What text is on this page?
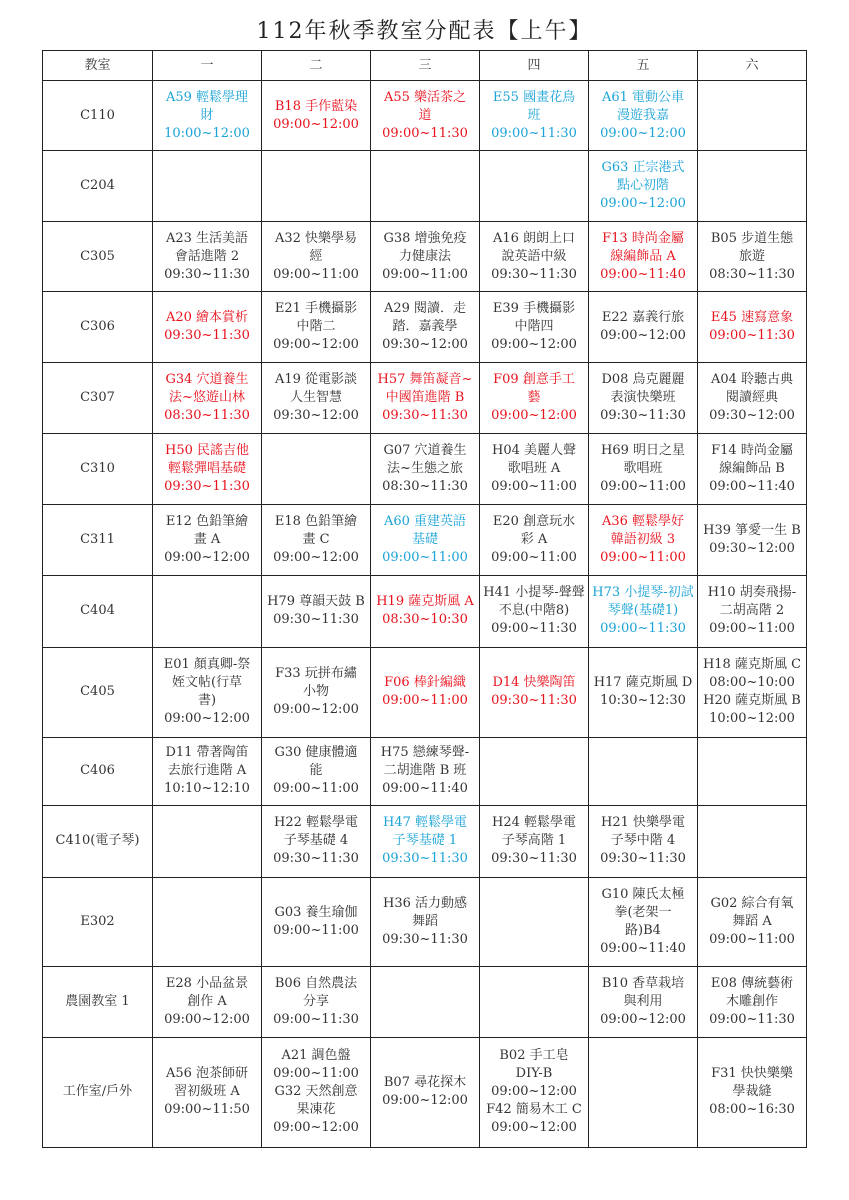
112年秋季教室分配表【上午】
教室	一	二	三	四	五	六
C110	A59 輕鬆學理
財
10:00~12:00	B18 手作藍染
09:00~12:00	A55 樂活茶之
道
09:00~11:30	E55 國畫花鳥
班
09:00~11:30	A61 電動公車
漫遊我嘉
09:00~12:00	

C204					G63 正宗港式
點心初階
09:00~12:00	

C305	A23 生活美語
會話進階 2
09:30~11:30	A32 快樂學易
經
09:00~11:00	G38 增強免疫
力健康法
09:00~11:00	A16 朗朗上口
說英語中級
09:30~11:30	F13 時尚金屬
線編飾品 A
09:00~11:40	B05 步道生態
旅遊
08:30~11:30

C306	A20 繪本賞析
09:30~11:30	E21 手機攝影
中階二
09:00~12:00	A29 閱讀．走
踏．嘉義學
09:30~12:00	E39 手機攝影
中階四
09:00~12:00	E22 嘉義行旅
09:00~12:00	E45 速寫意象
09:00~11:30

C307	G34 穴道養生
法~悠遊山林
08:30~11:30	A19 從電影談
人生智慧
09:30~12:00	H57 舞笛凝音~
中國笛進階 B
09:30~11:30	F09 創意手工
藝
09:00~12:00	D08 烏克麗麗
表演快樂班
09:30~11:30	A04 聆聽古典
閱讀經典
09:30~12:00

C310	H50 民謠吉他
輕鬆彈唱基礎
09:30~11:30		G07 穴道養生
法~生態之旅
08:30~11:30	H04 美麗人聲
歌唱班 A
09:00~11:00	H69 明日之星
歌唱班
09:00~11:00	F14 時尚金屬
線編飾品 B
09:00~11:40

C311	E12 色鉛筆繪
畫 A
09:00~12:00	E18 色鉛筆繪
畫 C
09:00~12:00	A60 重建英語
基礎
09:00~11:00	E20 創意玩水
彩 A
09:00~11:00	A36 輕鬆學好
韓語初級 3
09:00~11:00	H39 箏愛一生 B
09:30~12:00

C404		H79 尊韻天鼓 B
09:30~11:30	H19 薩克斯風 A
08:30~10:30	H41 小提琴-聲聲
不息(中階8)
09:00~11:30	H73 小提琴-初試
琴聲(基礎1)
09:00~11:30	H10 胡奏飛揚-
二胡高階 2
09:00~11:00

C405	E01 顏真卿-祭
姪文帖(行草
書)
09:00~12:00	F33 玩拼布繡
小物
09:00~12:00	F06 棒針編織
09:00~11:00	D14 快樂陶笛
09:30~11:30	H17 薩克斯風 D
10:30~12:30	H18 薩克斯風 C
08:00~10:00
H20 薩克斯風 B
10:00~12:00

C406	D11 帶著陶笛
去旅行進階 A
10:10~12:10	G30 健康體適
能
09:00~11:00	H75 戀練琴聲-
二胡進階 B 班
09:00~11:40			

C410(電子琴)		H22 輕鬆學電
子琴基礎 4
09:30~11:30	H47 輕鬆學電
子琴基礎 1
09:30~11:30	H24 輕鬆學電
子琴高階 1
09:30~11:30	H21 快樂學電
子琴中階 4
09:30~11:30	

E302		G03 養生瑜伽
09:00~11:00	H36 活力動感
舞蹈
09:30~11:30		G10 陳氏太極
拳(老架一
路)B4
09:00~11:40	G02 綜合有氧
舞蹈 A
09:00~11:00

農園教室 1	E28 小品盆景
創作 A
09:00~12:00	B06 自然農法
分享
09:00~11:30			B10 香草栽培
與利用
09:00~12:00	E08 傳統藝術
木雕創作
09:00~11:30

工作室/戶外	A56 泡茶師研
習初級班 A
09:00~11:50	A21 調色盤
09:00~11:00
G32 天然創意
果凍花
09:00~12:00	B07 尋花探木
09:00~12:00	B02 手工皂
DIY-B
09:00~12:00
F42 簡易木工 C
09:00~12:00		F31 快快樂樂
學裁縫
08:00~16:30
